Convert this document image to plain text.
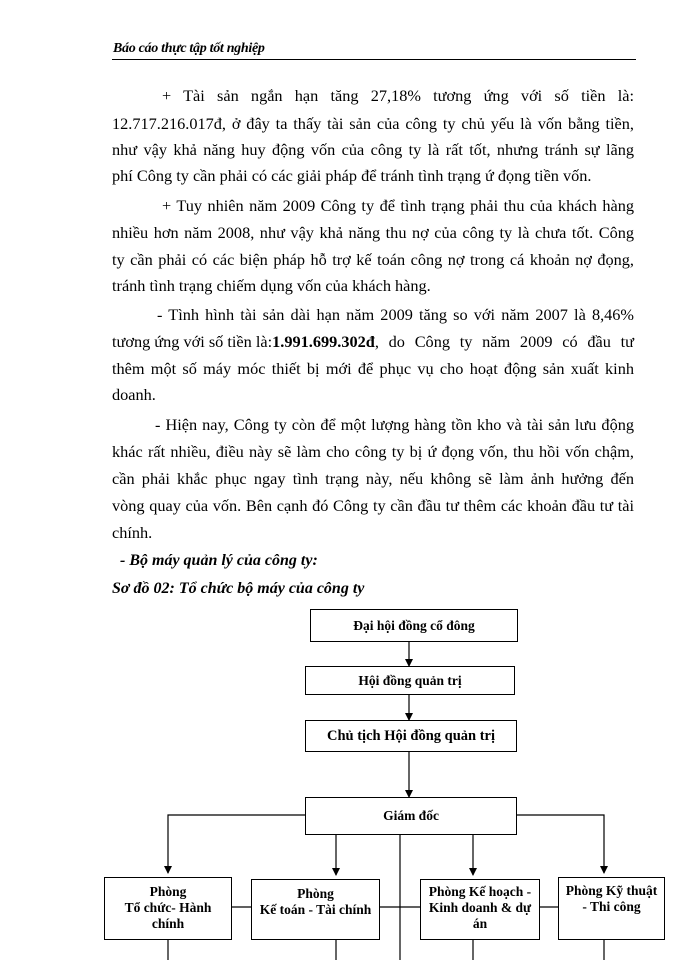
Báo cáo thực tập tốt nghiệp
+ Tài sản ngắn hạn tăng 27,18% tương ứng với số tiền là:
12.717.216.017đ, ở đây ta thấy tài sản của công ty chủ yếu là vốn bằng tiền,
như vậy khả năng huy động vốn của công ty là rất tốt, nhưng tránh sự lãng
phí Công ty cần phải có các giải pháp để tránh tình trạng ứ đọng tiền vốn.
+ Tuy nhiên năm 2009 Công ty để tình trạng phải thu của khách hàng
nhiều hơn năm 2008, như vậy khả năng thu nợ của công ty là chưa tốt. Công
ty cần phải có các biện pháp hỗ trợ kế toán công nợ trong cá khoản nợ đọng,
tránh tình trạng chiếm dụng vốn của khách hàng.
- Tình hình tài sản dài hạn năm 2009 tăng so với năm 2007 là 8,46%
tương ứng với số tiền là: 1.991.699.302đ, do Công ty năm 2009 có đầu tư
thêm một số máy móc thiết bị mới để phục vụ cho hoạt động sản xuất kinh
doanh.
- Hiện nay, Công ty còn để một lượng hàng tồn kho và tài sản lưu động
khác rất nhiều, điều này sẽ làm cho công ty bị ứ đọng vốn, thu hồi vốn chậm,
cần phải khắc phục ngay tình trạng này, nếu không sẽ làm ảnh hưởng đến
vòng quay của vốn. Bên cạnh đó Công ty cần đầu tư thêm các khoản đầu tư tài
chính.
- Bộ máy quản lý của công ty:
Sơ đồ 02: Tổ chức bộ máy của công ty
Đại hội đồng cổ đông
Hội đồng quản trị
Chủ tịch Hội đồng quản trị
Giám đốc
Phòng
Tổ chức- Hành
chính
Phòng
Kế toán - Tài chính
Phòng Kế hoạch -
Kinh doanh & dự
án
Phòng Kỹ thuật
- Thi công
